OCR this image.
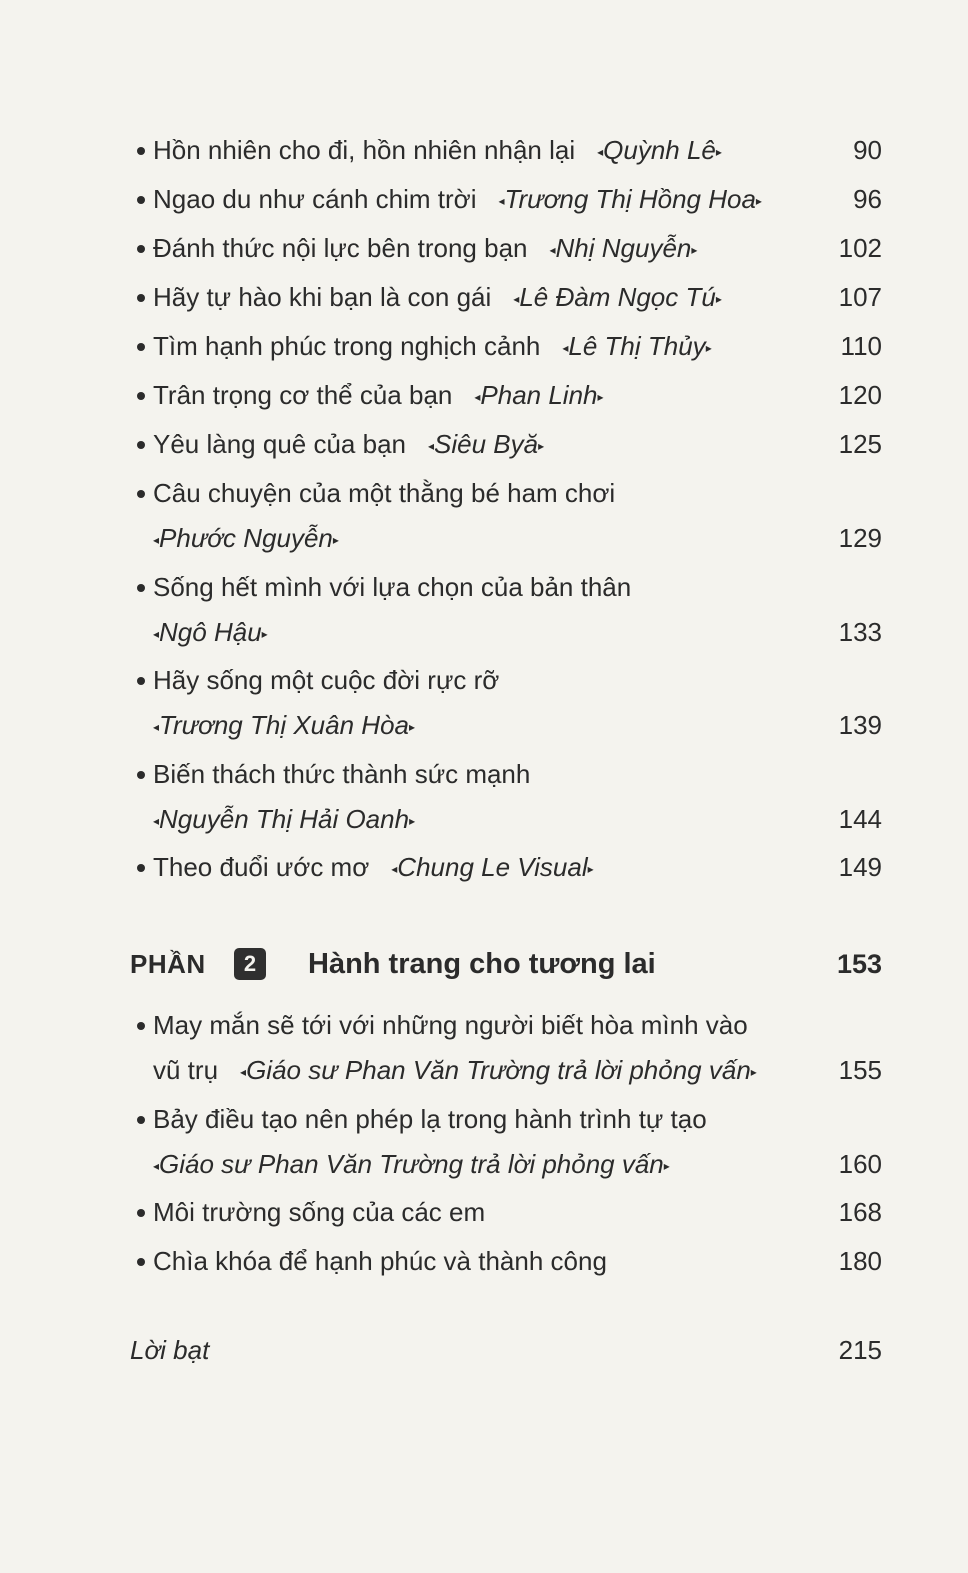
Hồn nhiên cho đi, hồn nhiên nhận lại ◂Quỳnh Lê▸	90
Ngao du như cánh chim trời ◂Trương Thị Hồng Hoa▸	96
Đánh thức nội lực bên trong bạn ◂Nhị Nguyễn▸	102
Hãy tự hào khi bạn là con gái ◂Lê Đàm Ngọc Tú▸	107
Tìm hạnh phúc trong nghịch cảnh ◂Lê Thị Thủy▸	110
Trân trọng cơ thể của bạn ◂Phan Linh▸	120
Yêu làng quê của bạn ◂Siêu Byă▸	125
Câu chuyện của một thằng bé ham chơi
◂Phước Nguyễn▸	129
Sống hết mình với lựa chọn của bản thân
◂Ngô Hậu▸	133
Hãy sống một cuộc đời rực rỡ
◂Trương Thị Xuân Hòa▸	139
Biến thách thức thành sức mạnh
◂Nguyễn Thị Hải Oanh▸	144
Theo đuổi ước mơ ◂Chung Le Visual▸	149
PHẦN	2	Hành trang cho tương lai	153
May mắn sẽ tới với những người biết hòa mình vào
vũ trụ ◂Giáo sư Phan Văn Trường trả lời phỏng vấn▸	155
Bảy điều tạo nên phép lạ trong hành trình tự tạo
◂Giáo sư Phan Văn Trường trả lời phỏng vấn▸	160
Môi trường sống của các em	168
Chìa khóa để hạnh phúc và thành công	180
Lời bạt	215
